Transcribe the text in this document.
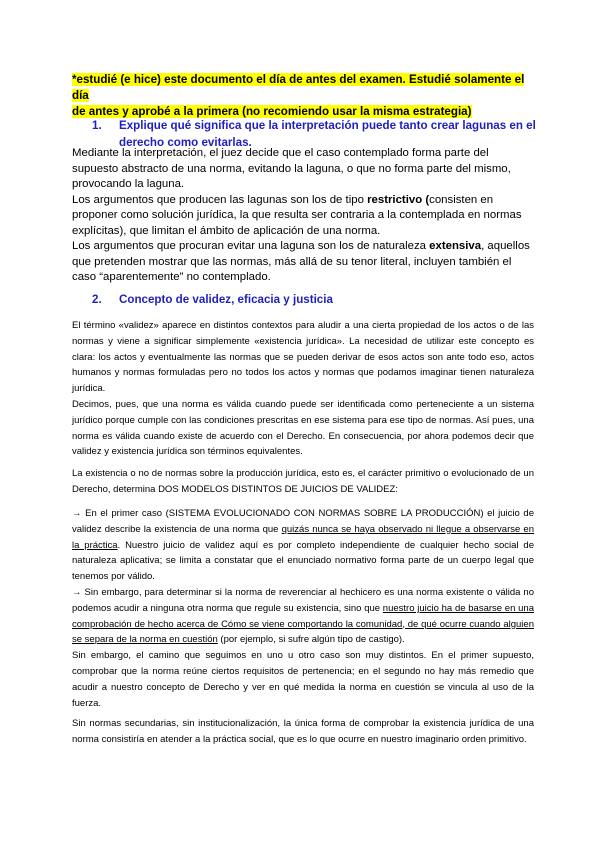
*estudié (e hice) este documento el día de antes del examen. Estudié solamente el día
de antes y aprobé a la primera (no recomiendo usar la misma estrategia)
1. Explique qué significa que la interpretación puede tanto crear lagunas en el
derecho como evitarlas.

Mediante la interpretación, el juez decide que el caso contemplado forma parte del supuesto abstracto de una norma, evitando la laguna, o que no forma parte del mismo, provocando la laguna.

Los argumentos que producen las lagunas son los de tipo restrictivo (consisten en proponer como solución jurídica, la que resulta ser contraria a la contemplada en normas explícitas), que limitan el ámbito de aplicación de una norma.

Los argumentos que procuran evitar una laguna son los de naturaleza extensiva, aquellos que pretenden mostrar que las normas, más allá de su tenor literal, incluyen también el caso “aparentemente” no contemplado.

2. Concepto de validez, eficacia y justicia

El término «validez» aparece en distintos contextos para aludir a una cierta propiedad de los actos o de las normas y viene a significar simplemente «existencia jurídica». La necesidad de utilizar este concepto es clara: los actos y eventualmente las normas que se pueden derivar de esos actos son ante todo eso, actos humanos y normas formuladas pero no todos los actos y normas que podamos imaginar tienen naturaleza jurídica.

Decimos, pues, que una norma es válida cuando puede ser identificada como perteneciente a un sistema jurídico porque cumple con las condiciones prescritas en ese sistema para ese tipo de normas. Así pues, una norma es válida cuando existe de acuerdo con el Derecho. En consecuencia, por ahora podemos decir que validez y existencia jurídica son términos equivalentes.

La existencia o no de normas sobre la producción jurídica, esto es, el carácter primitivo o evolucionado de un Derecho, determina DOS MODELOS DISTINTOS DE JUICIOS DE VALIDEZ:

→ En el primer caso (SISTEMA EVOLUCIONADO CON NORMAS SOBRE LA PRODUCCIÓN) el juicio de validez describe la existencia de una norma que quizás nunca se haya observado ni llegue a observarse en la práctica. Nuestro juicio de validez aquí es por completo independiente de cualquier hecho social de naturaleza aplicativa; se limita a constatar que el enunciado normativo forma parte de un cuerpo legal que tenemos por válido.

→ Sin embargo, para determinar si la norma de reverenciar al hechicero es una norma existente o válida no podemos acudir a ninguna otra norma que regule su existencia, sino que nuestro juicio ha de basarse en una comprobación de hecho acerca de Cómo se viene comportando la comunidad, de qué ocurre cuando alguien se separa de la norma en cuestión (por ejemplo, si sufre algún tipo de castigo).

Sin embargo, el camino que seguimos en uno u otro caso son muy distintos. En el primer supuesto, comprobar que la norma reúne ciertos requisitos de pertenencia; en el segundo no hay más remedio que acudir a nuestro concepto de Derecho y ver en qué medida la norma en cuestión se vincula al uso de la fuerza.

Sin normas secundarias, sin institucionalización, la única forma de comprobar la existencia jurídica de una norma consistiría en atender a la práctica social, que es lo que ocurre en nuestro imaginario orden primitivo.
